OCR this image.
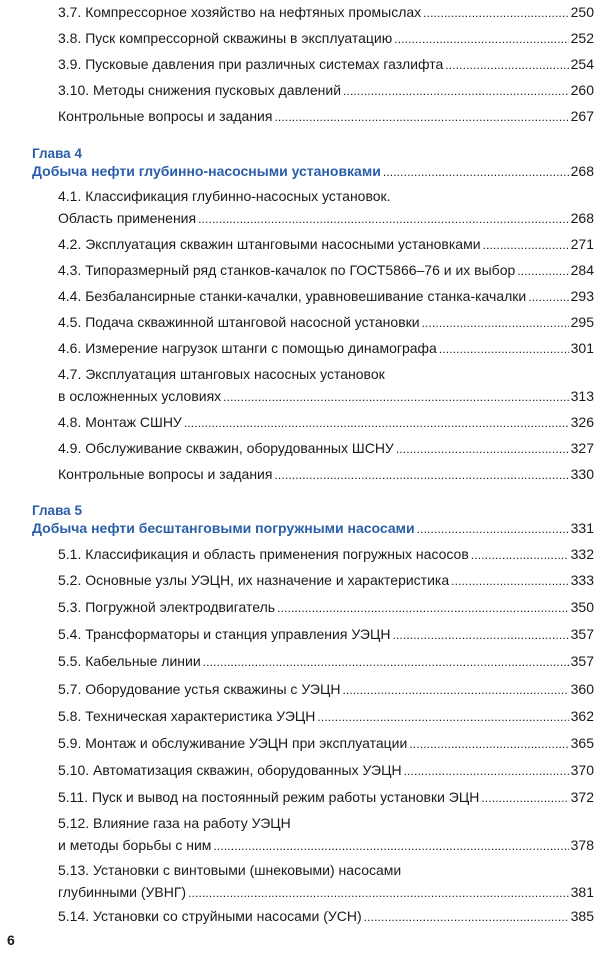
3.7. Компрессорное хозяйство на нефтяных промыслах . . .	250
3.8. Пуск компрессорной скважины в эксплуатацию . . .	252
3.9. Пусковые давления при различных системах газлифта . . .	254
3.10. Методы снижения пусковых давлений . . .	260
Контрольные вопросы и задания . . .	267
Глава 4
Добыча нефти глубинно-насосными установками . . .	268
4.1. Классификация глубинно-насосных установок.
Область применения . . .	268
4.2. Эксплуатация скважин штанговыми насосными установками . . .	271
4.3. Типоразмерный ряд станков-качалок по ГОСТ5866–76 и их выбор . . .	284
4.4. Безбалансирные станки-качалки, уравновешивание станка-качалки . . .	293
4.5. Подача скважинной штанговой насосной установки . . .	295
4.6. Измерение нагрузок штанги с помощью динамографа . . .	301
4.7. Эксплуатация штанговых насосных установок
в осложненных условиях . . .	313
4.8. Монтаж СШНУ . . .	326
4.9. Обслуживание скважин, оборудованных ШСНУ . . .	327
Контрольные вопросы и задания . . .	330
Глава 5
Добыча нефти бесштанговыми погружными насосами . . .	331
5.1. Классификация и область применения погружных насосов . . .	332
5.2. Основные узлы УЭЦН, их назначение и характеристика . . .	333
5.3. Погружной электродвигатель . . .	350
5.4. Трансформаторы и станция управления УЭЦН . . .	357
5.5. Кабельные линии . . .	357
5.7. Оборудование устья скважины с УЭЦН . . .	360
5.8. Техническая характеристика УЭЦН . . .	362
5.9. Монтаж и обслуживание УЭЦН при эксплуатации . . .	365
5.10. Автоматизация скважин, оборудованных УЭЦН . . .	370
5.11. Пуск и вывод на постоянный режим работы установки ЭЦН . . .	372
5.12. Влияние газа на работу УЭЦН
и методы борьбы с ним . . .	378
5.13. Установки с винтовыми (шнековыми) насосами
глубинными (УВНГ) . . .	381
5.14. Установки со струйными насосами (УСН) . . .	385
6
